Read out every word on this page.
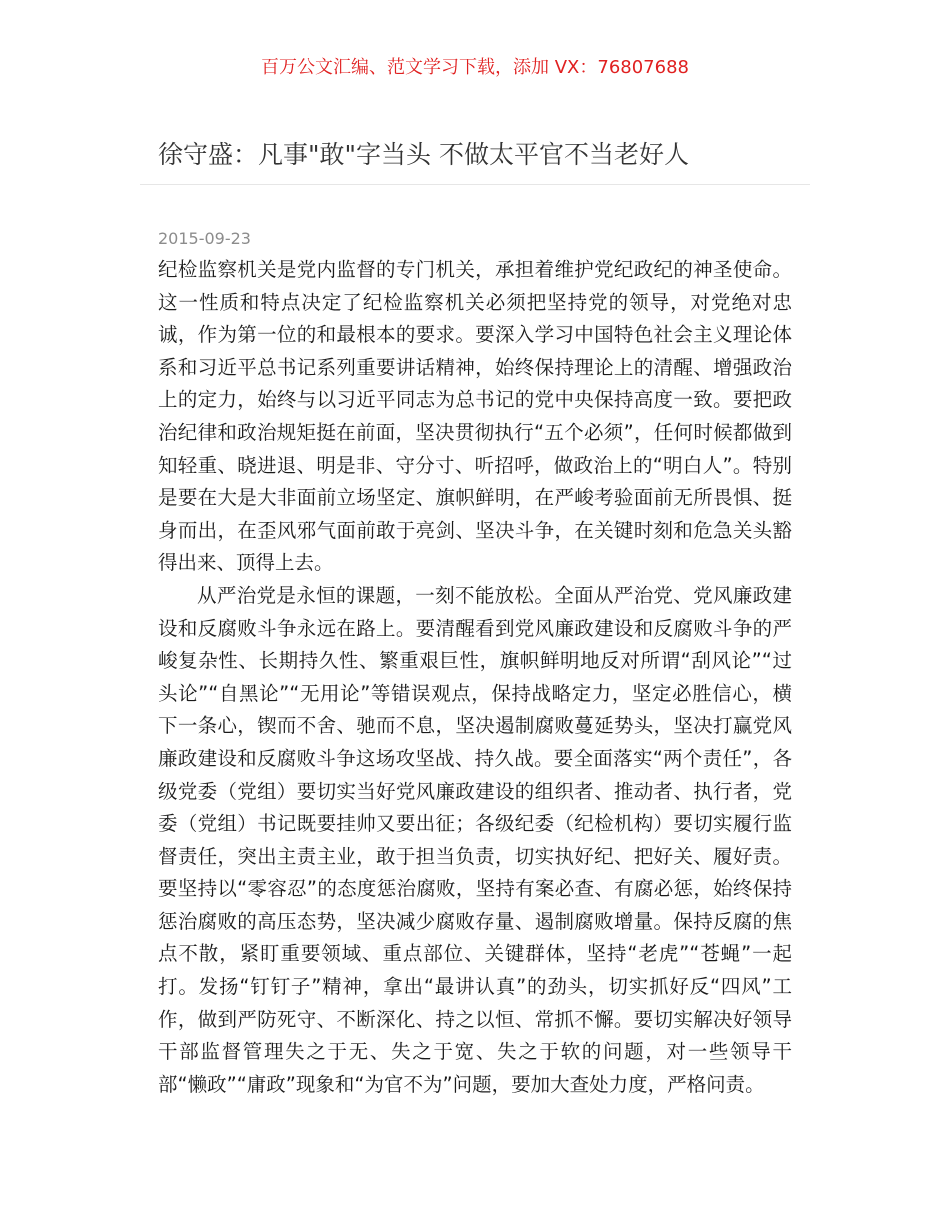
百万公文汇编、范文学习下载，添加 VX：76807688
徐守盛：凡事"敢"字当头 不做太平官不当老好人
2015-09-23

纪检监察机关是党内监督的专门机关，承担着维护党纪政纪的神圣使命。这一性质和特点决定了纪检监察机关必须把坚持党的领导，对党绝对忠诚，作为第一位的和最根本的要求。要深入学习中国特色社会主义理论体系和习近平总书记系列重要讲话精神，始终保持理论上的清醒、增强政治上的定力，始终与以习近平同志为总书记的党中央保持高度一致。要把政治纪律和政治规矩挺在前面，坚决贯彻执行“五个必须”，任何时候都做到知轻重、晓进退、明是非、守分寸、听招呼，做政治上的“明白人”。特别是要在大是大非面前立场坚定、旗帜鲜明，在严峻考验面前无所畏惧、挺身而出，在歪风邪气面前敢于亮剑、坚决斗争，在关键时刻和危急关头豁得出来、顶得上去。

从严治党是永恒的课题，一刻不能放松。全面从严治党、党风廉政建设和反腐败斗争永远在路上。要清醒看到党风廉政建设和反腐败斗争的严峻复杂性、长期持久性、繁重艰巨性，旗帜鲜明地反对所谓“刮风论”“过头论”“自黑论”“无用论”等错误观点，保持战略定力，坚定必胜信心，横下一条心，锲而不舍、驰而不息，坚决遏制腐败蔓延势头，坚决打赢党风廉政建设和反腐败斗争这场攻坚战、持久战。要全面落实“两个责任”，各级党委（党组）要切实当好党风廉政建设的组织者、推动者、执行者，党委（党组）书记既要挂帅又要出征；各级纪委（纪检机构）要切实履行监督责任，突出主责主业，敢于担当负责，切实执好纪、把好关、履好责。要坚持以“零容忍”的态度惩治腐败，坚持有案必查、有腐必惩，始终保持惩治腐败的高压态势，坚决减少腐败存量、遏制腐败增量。保持反腐的焦点不散，紧盯重要领域、重点部位、关键群体，坚持“老虎”“苍蝇”一起打。发扬“钉钉子”精神，拿出“最讲认真”的劲头，切实抓好反“四风”工作，做到严防死守、不断深化、持之以恒、常抓不懈。要切实解决好领导干部监督管理失之于无、失之于宽、失之于软的问题，对一些领导干部“懒政”“庸政”现象和“为官不为”问题，要加大查处力度，严格问责。
